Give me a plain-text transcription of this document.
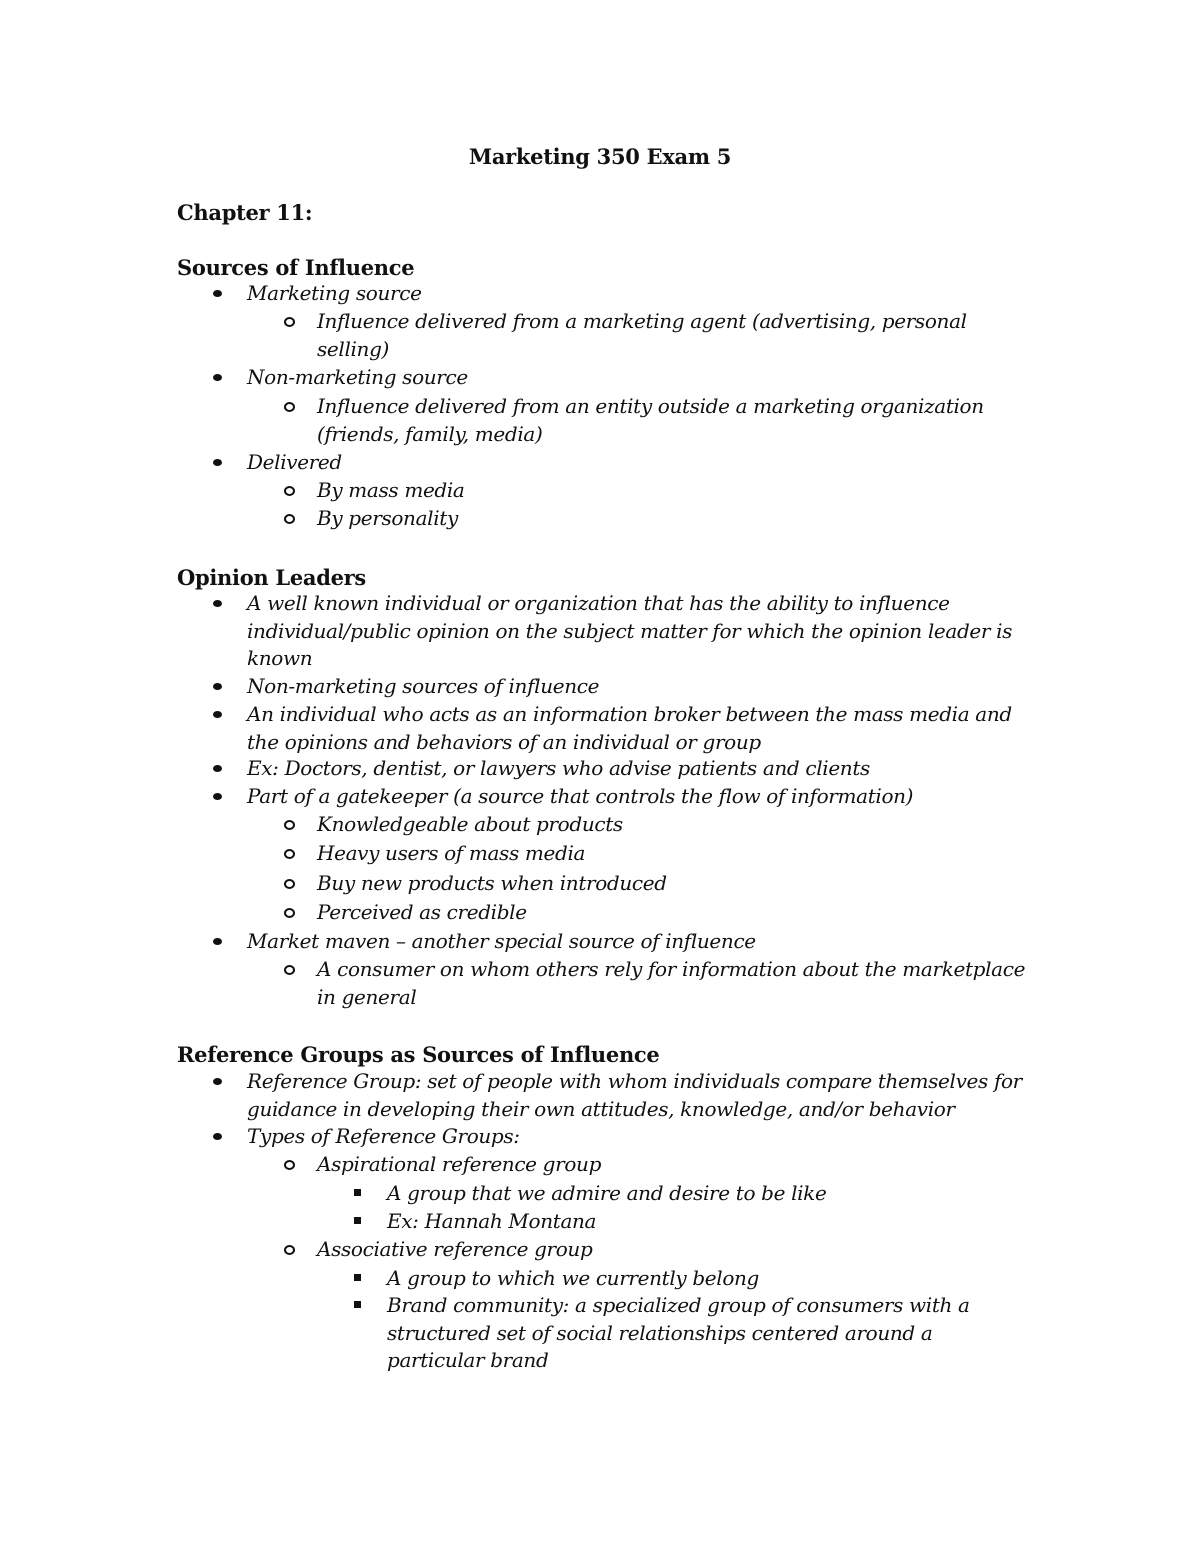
Marketing 350 Exam 5
Chapter 11:
Sources of Influence
Marketing source
Influence delivered from a marketing agent (advertising, personal selling)
Non-marketing source
Influence delivered from an entity outside a marketing organization (friends, family, media)
Delivered
By mass media
By personality
Opinion Leaders
A well known individual or organization that has the ability to influence individual/public opinion on the subject matter for which the opinion leader is known
Non-marketing sources of influence
An individual who acts as an information broker between the mass media and the opinions and behaviors of an individual or group
Ex: Doctors, dentist, or lawyers who advise patients and clients
Part of a gatekeeper (a source that controls the flow of information)
Knowledgeable about products
Heavy users of mass media
Buy new products when introduced
Perceived as credible
Market maven – another special source of influence
A consumer on whom others rely for information about the marketplace in general
Reference Groups as Sources of Influence
Reference Group: set of people with whom individuals compare themselves for guidance in developing their own attitudes, knowledge, and/or behavior
Types of Reference Groups:
Aspirational reference group
A group that we admire and desire to be like
Ex: Hannah Montana
Associative reference group
A group to which we currently belong
Brand community: a specialized group of consumers with a structured set of social relationships centered around a particular brand
